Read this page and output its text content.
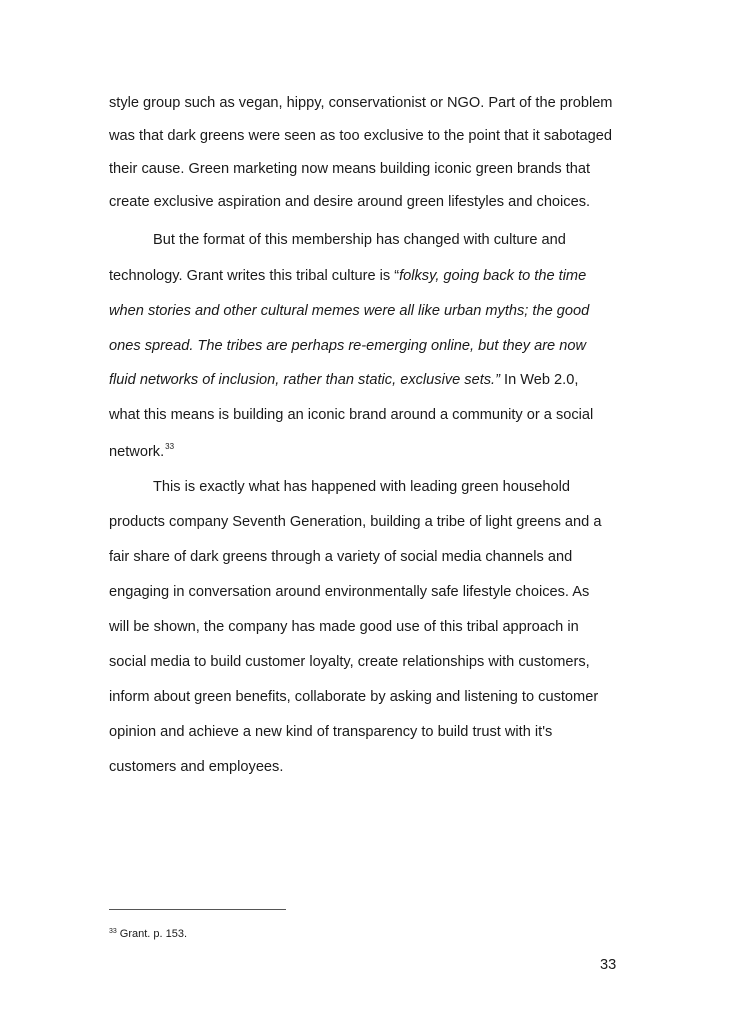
style group such as vegan, hippy, conservationist or NGO. Part of the problem
was that dark greens were seen as too exclusive to the point that it sabotaged
their cause. Green marketing now means building iconic green brands that
create exclusive aspiration and desire around green lifestyles and choices.
But the format of this membership has changed with culture and
technology. Grant writes this tribal culture is “folksy, going back to the time
when stories and other cultural memes were all like urban myths; the good
ones spread. The tribes are perhaps re-emerging online, but they are now
fluid networks of inclusion, rather than static, exclusive sets.” In Web 2.0,
what this means is building an iconic brand around a community or a social
network.$^{33}$
This is exactly what has happened with leading green household
products company Seventh Generation, building a tribe of light greens and a
fair share of dark greens through a variety of social media channels and
engaging in conversation around environmentally safe lifestyle choices. As
will be shown, the company has made good use of this tribal approach in
social media to build customer loyalty, create relationships with customers,
inform about green benefits, collaborate by asking and listening to customer
opinion and achieve a new kind of transparency to build trust with it's
customers and employees.
$^{33}$ Grant. p. 153.
33
